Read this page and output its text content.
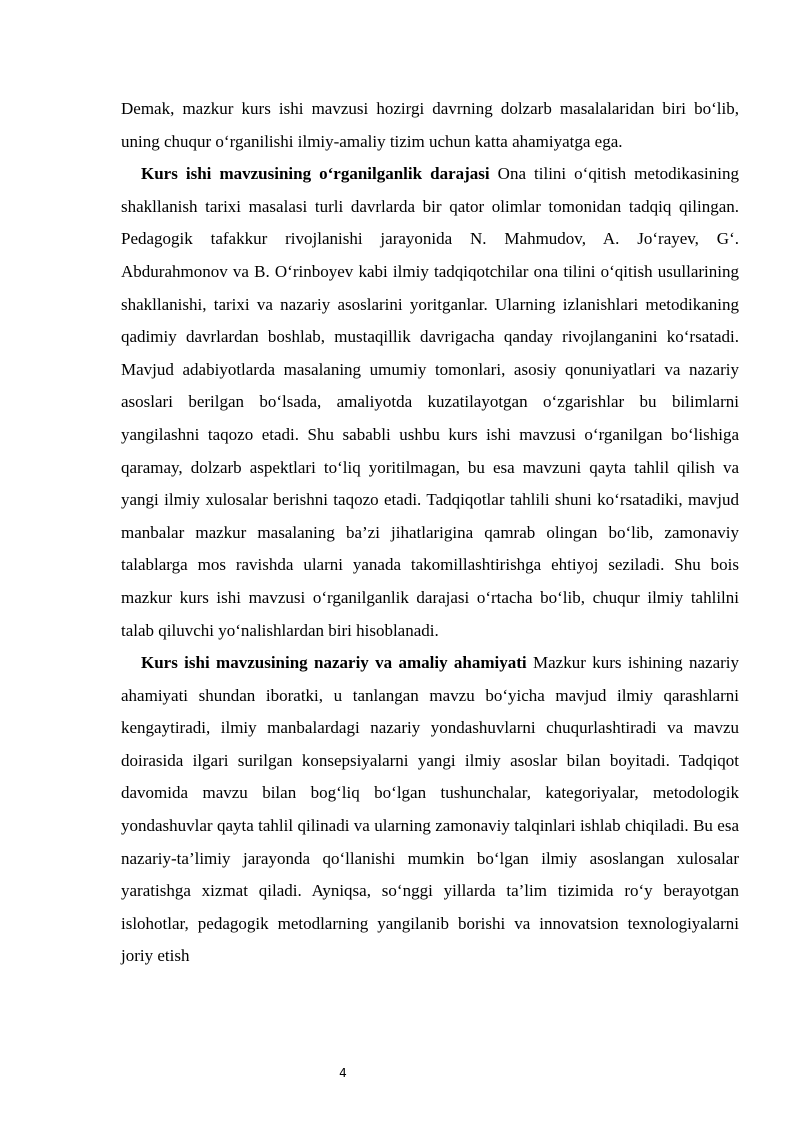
Demak, mazkur kurs ishi mavzusi hozirgi davrning dolzarb masalalaridan biri bo‘lib, uning chuqur o‘rganilishi ilmiy-amaliy tizim uchun katta ahamiyatga ega.

Kurs ishi mavzusining o‘rganilganlik darajasi Ona tilini o‘qitish metodikasining shakllanish tarixi masalasi turli davrlarda bir qator olimlar tomonidan tadqiq qilingan. Pedagogik tafakkur rivojlanishi jarayonida N. Mahmudov, A. Jo‘rayev, G‘. Abdurahmonov va B. O‘rinboyev kabi ilmiy tadqiqotchilar ona tilini o‘qitish usullarining shakllanishi, tarixi va nazariy asoslarini yoritganlar. Ularning izlanishlari metodikaning qadimiy davrlardan boshlab, mustaqillik davrigacha qanday rivojlanganini ko‘rsatadi. Mavjud adabiyotlarda masalaning umumiy tomonlari, asosiy qonuniyatlari va nazariy asoslari berilgan bo‘lsada, amaliyotda kuzatilayotgan o‘zgarishlar bu bilimlarni yangilashni taqozo etadi. Shu sababli ushbu kurs ishi mavzusi o‘rganilgan bo‘lishiga qaramay, dolzarb aspektlari to‘liq yoritilmagan, bu esa mavzuni qayta tahlil qilish va yangi ilmiy xulosalar berishni taqozo etadi. Tadqiqotlar tahlili shuni ko‘rsatadiki, mavjud manbalar mazkur masalaning ba’zi jihatlarigina qamrab olingan bo‘lib, zamonaviy talablarga mos ravishda ularni yanada takomillashtirishga ehtiyoj seziladi. Shu bois mazkur kurs ishi mavzusi o‘rganilganlik darajasi o‘rtacha bo‘lib, chuqur ilmiy tahlilni talab qiluvchi yo‘nalishlardan biri hisoblanadi.

Kurs ishi mavzusining nazariy va amaliy ahamiyati Mazkur kurs ishining nazariy ahamiyati shundan iboratki, u tanlangan mavzu bo‘yicha mavjud ilmiy qarashlarni kengaytiradi, ilmiy manbalardagi nazariy yondashuvlarni chuqurlashtiradi va mavzu doirasida ilgari surilgan konsepsiyalarni yangi ilmiy asoslar bilan boyitadi. Tadqiqot davomida mavzu bilan bog‘liq bo‘lgan tushunchalar, kategoriyalar, metodologik yondashuvlar qayta tahlil qilinadi va ularning zamonaviy talqinlari ishlab chiqiladi. Bu esa nazariy-ta’limiy jarayonda qo‘llanishi mumkin bo‘lgan ilmiy asoslangan xulosalar yaratishga xizmat qiladi. Ayniqsa, so‘nggi yillarda ta’lim tizimida ro‘y berayotgan islohotlar, pedagogik metodlarning yangilanib borishi va innovatsion texnologiyalarni joriy etish

4
